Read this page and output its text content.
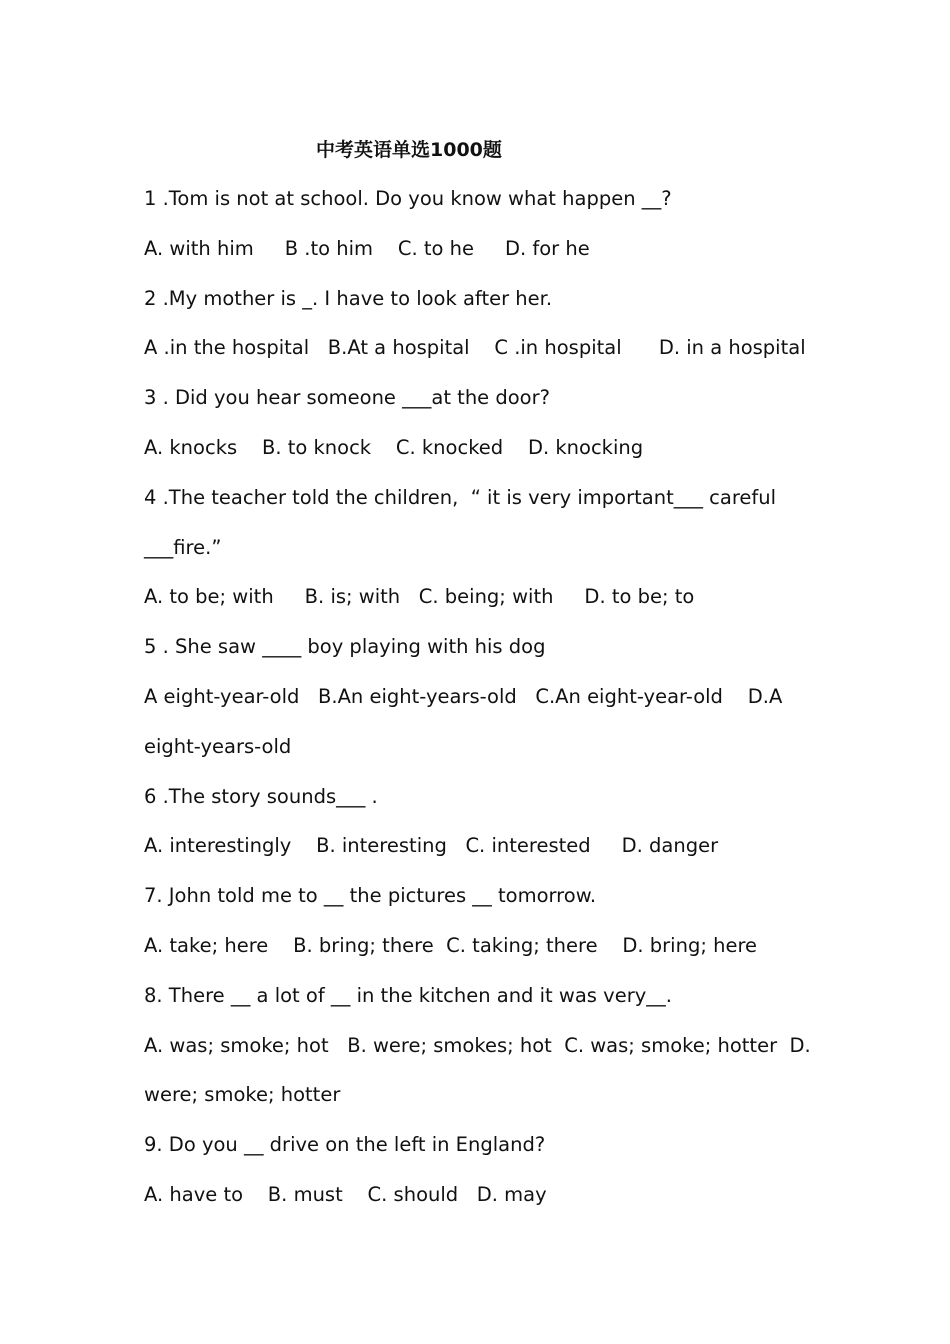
中考英语单选1000题
1 .Tom is not at school. Do you know what happen __?
A. with him     B .to him    C. to he     D. for he
2 .My mother is _. I have to look after her.
A .in the hospital   B.At a hospital    C .in hospital      D. in a hospital
3 . Did you hear someone ___at the door?
A. knocks    B. to knock    C. knocked    D. knocking
4 .The teacher told the children,  “ it is very important___ careful
___fire.”
A. to be; with     B. is; with   C. being; with     D. to be; to
5 . She saw ____ boy playing with his dog
A eight-year-old   B.An eight-years-old   C.An eight-year-old    D.A
eight-years-old
6 .The story sounds___ .
A. interestingly    B. interesting   C. interested     D. danger
7. John told me to __ the pictures __ tomorrow.
A. take; here    B. bring; there  C. taking; there    D. bring; here
8. There __ a lot of __ in the kitchen and it was very__.
A. was; smoke; hot   B. were; smokes; hot  C. was; smoke; hotter  D.
were; smoke; hotter
9. Do you __ drive on the left in England?
A. have to    B. must    C. should   D. may
